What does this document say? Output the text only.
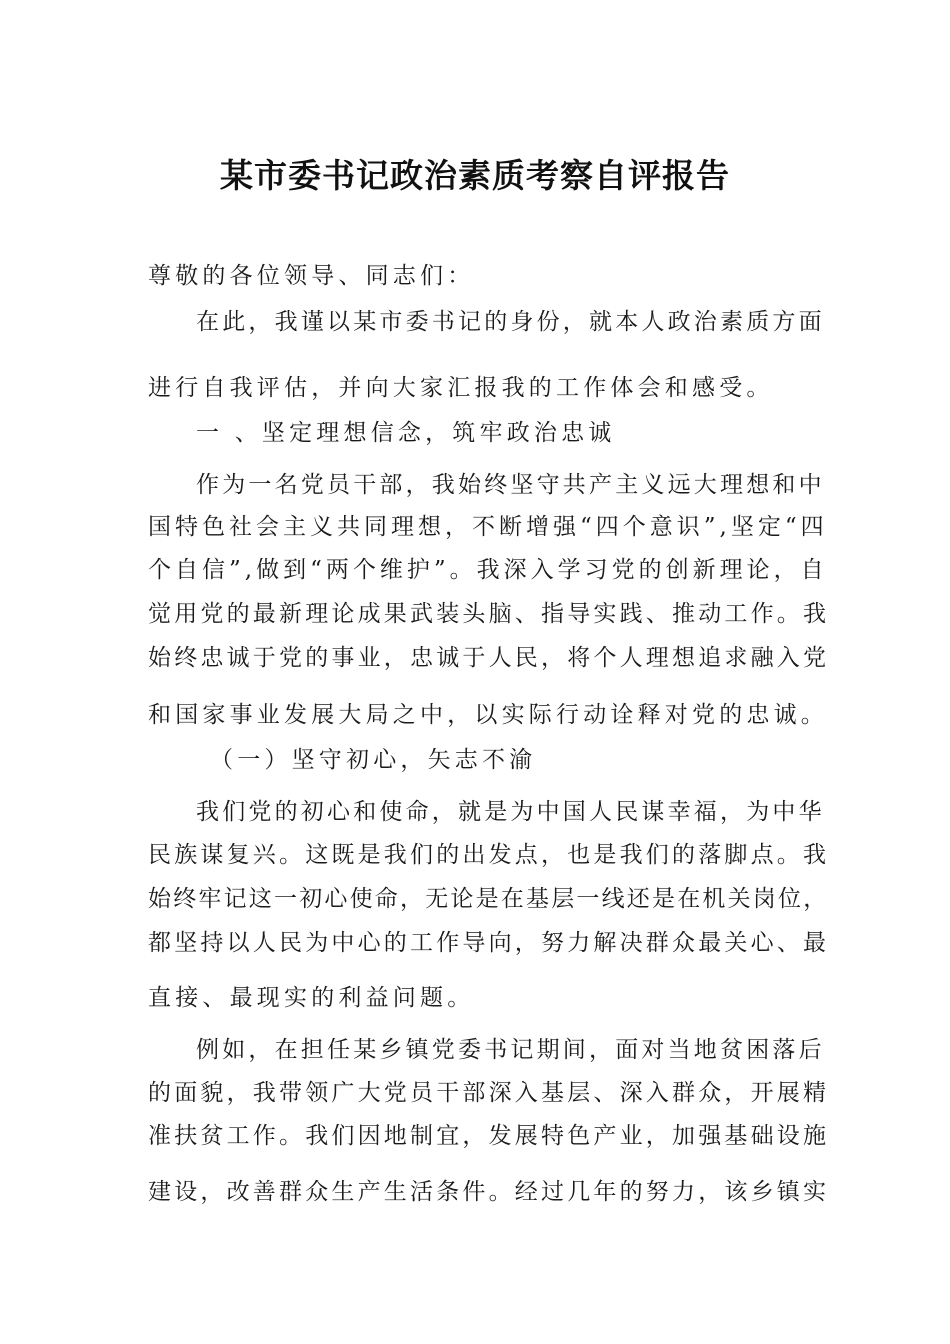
某市委书记政治素质考察自评报告

尊敬的各位领导、同志们：

在此，我谨以某市委书记的身份，就本人政治素质方面

进行自我评估，并向大家汇报我的工作体会和感受。

一 、坚定理想信念，筑牢政治忠诚

作为一名党员干部，我始终坚守共产主义远大理想和中

国特色社会主义共同理想，不断增强“四个意识”,坚定“四

个自信”,做到“两个维护”。我深入学习党的创新理论，自

觉用党的最新理论成果武装头脑、指导实践、推动工作。我

始终忠诚于党的事业，忠诚于人民，将个人理想追求融入党

和国家事业发展大局之中，以实际行动诠释对党的忠诚。

（一）坚守初心，矢志不渝

我们党的初心和使命，就是为中国人民谋幸福，为中华

民族谋复兴。这既是我们的出发点，也是我们的落脚点。我

始终牢记这一初心使命，无论是在基层一线还是在机关岗位，

都坚持以人民为中心的工作导向，努力解决群众最关心、最

直接、最现实的利益问题。

例如，在担任某乡镇党委书记期间，面对当地贫困落后

的面貌，我带领广大党员干部深入基层、深入群众，开展精

准扶贫工作。我们因地制宜，发展特色产业，加强基础设施

建设，改善群众生产生活条件。经过几年的努力，该乡镇实
